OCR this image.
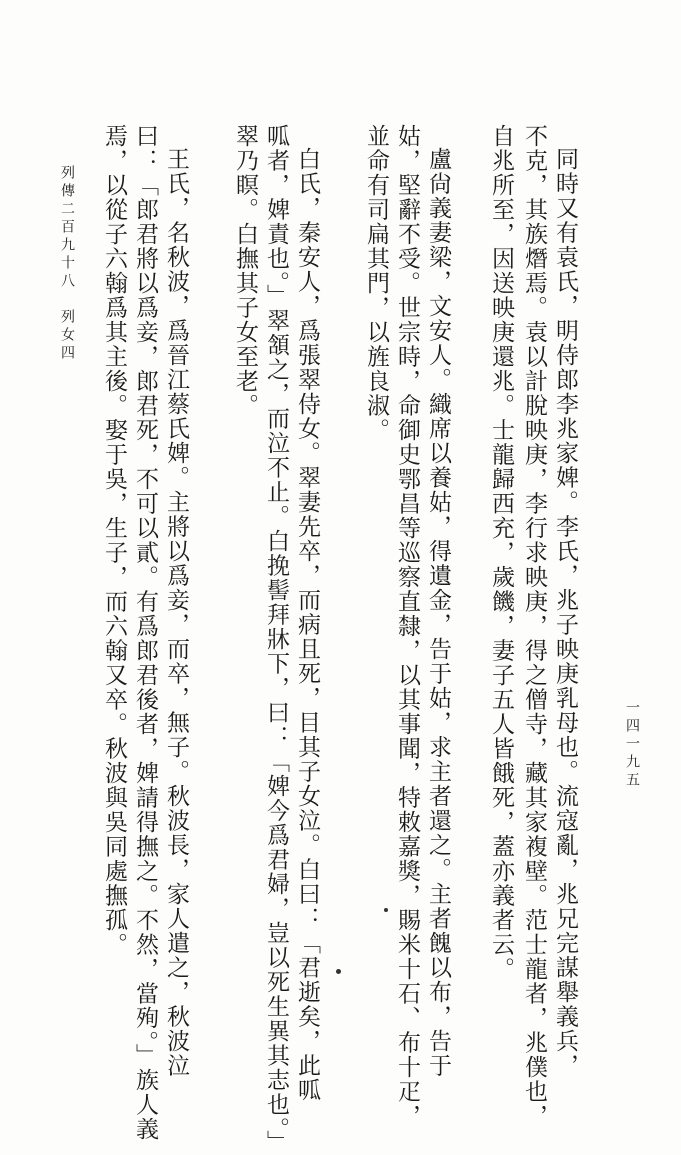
同時又有袁氏，明侍郎李兆家婢。李氏，兆子映庚乳母也。流寇亂，兆兄完謀舉義兵，
不克，其族熸焉。袁以計脫映庚，李行求映庚，得之僧寺，藏其家複壁。范士龍者，兆僕也，
自兆所至，因送映庚還兆。士龍歸西充，歲饑，妻子五人皆餓死，蓋亦義者云。
盧尙義妻梁，文安人。織席以養姑，得遺金，告于姑，求主者還之。主者餽以布，告于
姑，堅辭不受。世宗時，命御史鄂昌等巡察直隸，以其事聞，特敕嘉獎，賜米十石、布十疋，
並命有司扁其門，以旌良淑。
白氏，秦安人，爲張翠侍女。翠妻先卒，而病且死，目其子女泣。白曰：「君逝矣，此呱
呱者，婢責也。」翠頷之，而泣不止。白挽髻拜牀下，曰：「婢今爲君婦，豈以死生異其志也。」
翠乃瞑。白撫其子女至老。
王氏，名秋波，爲晉江蔡氏婢。主將以爲妾，而卒，無子。秋波長，家人遣之，秋波泣
曰：「郎君將以爲妾，郎君死，不可以貳。有爲郎君後者，婢請得撫之。不然，當殉。」族人義
焉，以從子六翰爲其主後。娶于吳，生子，而六翰又卒。秋波與吳同處撫孤。
列傳二百九十八　列女四
一四一九五
